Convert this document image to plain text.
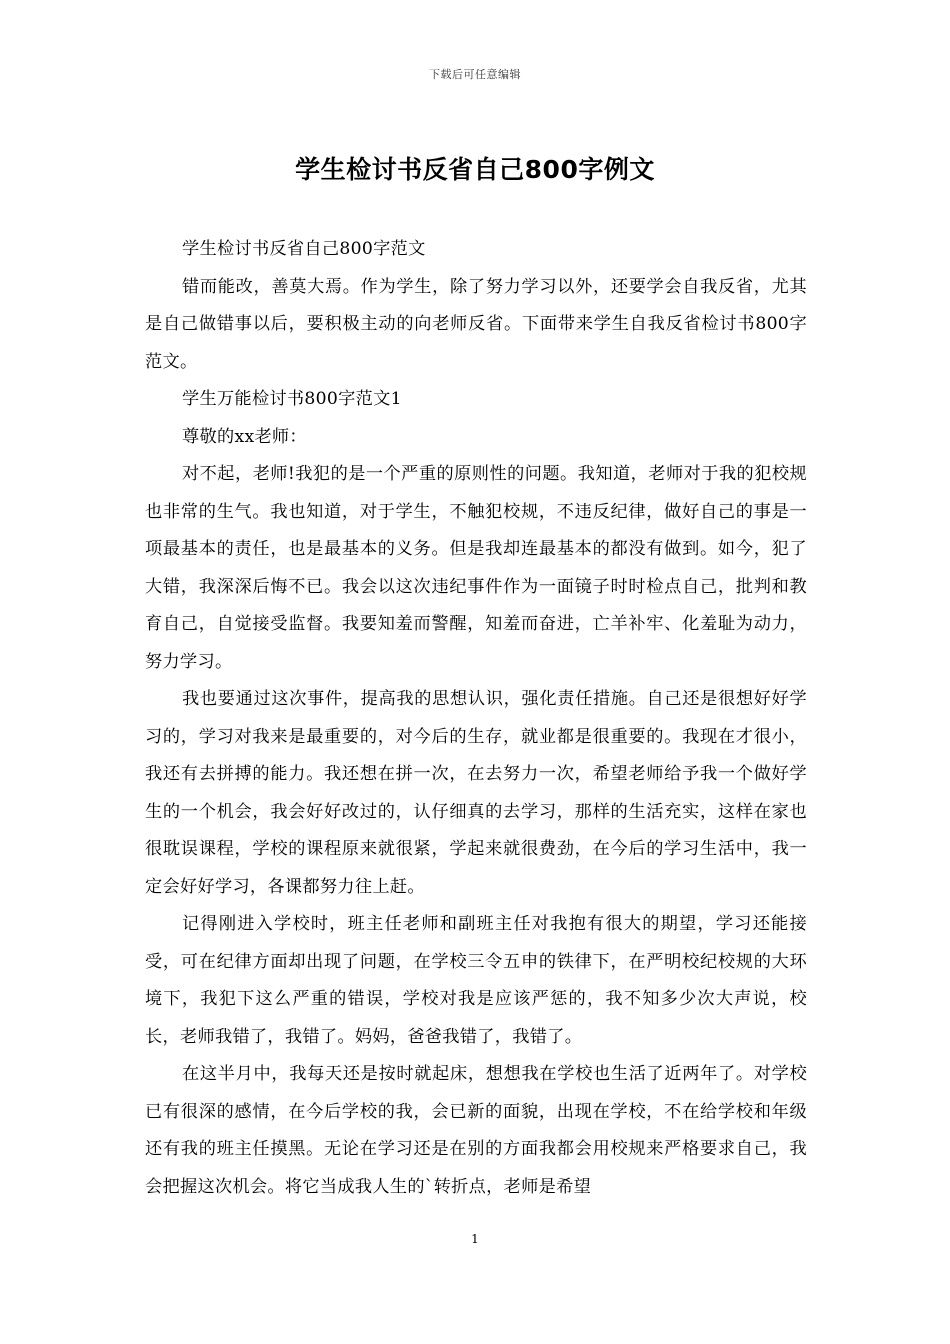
下载后可任意编辑
学生检讨书反省自己800字例文

学生检讨书反省自己800字范文

错而能改，善莫大焉。作为学生，除了努力学习以外，还要学会自我反省，尤其是自己做错事以后，要积极主动的向老师反省。下面带来学生自我反省检讨书800字范文。

学生万能检讨书800字范文1

尊敬的xx老师：

对不起，老师!我犯的是一个严重的原则性的问题。我知道，老师对于我的犯校规也非常的生气。我也知道，对于学生，不触犯校规，不违反纪律，做好自己的事是一项最基本的责任，也是最基本的义务。但是我却连最基本的都没有做到。如今，犯了大错，我深深后悔不已。我会以这次违纪事件作为一面镜子时时检点自己，批判和教育自己，自觉接受监督。我要知羞而警醒，知羞而奋进，亡羊补牢、化羞耻为动力，努力学习。

我也要通过这次事件，提高我的思想认识，强化责任措施。自己还是很想好好学习的，学习对我来是最重要的，对今后的生存，就业都是很重要的。我现在才很小，我还有去拼搏的能力。我还想在拼一次，在去努力一次，希望老师给予我一个做好学生的一个机会，我会好好改过的，认仔细真的去学习，那样的生活充实，这样在家也很耽误课程，学校的课程原来就很紧，学起来就很费劲，在今后的学习生活中，我一定会好好学习，各课都努力往上赶。

记得刚进入学校时，班主任老师和副班主任对我抱有很大的期望，学习还能接受，可在纪律方面却出现了问题，在学校三令五申的铁律下，在严明校纪校规的大环境下，我犯下这么严重的错误，学校对我是应该严惩的，我不知多少次大声说，校长，老师我错了，我错了。妈妈，爸爸我错了，我错了。

在这半月中，我每天还是按时就起床，想想我在学校也生活了近两年了。对学校已有很深的感情，在今后学校的我，会已新的面貌，出现在学校，不在给学校和年级还有我的班主任摸黑。无论在学习还是在别的方面我都会用校规来严格要求自己，我会把握这次机会。将它当成我人生的`转折点，老师是希望

1
